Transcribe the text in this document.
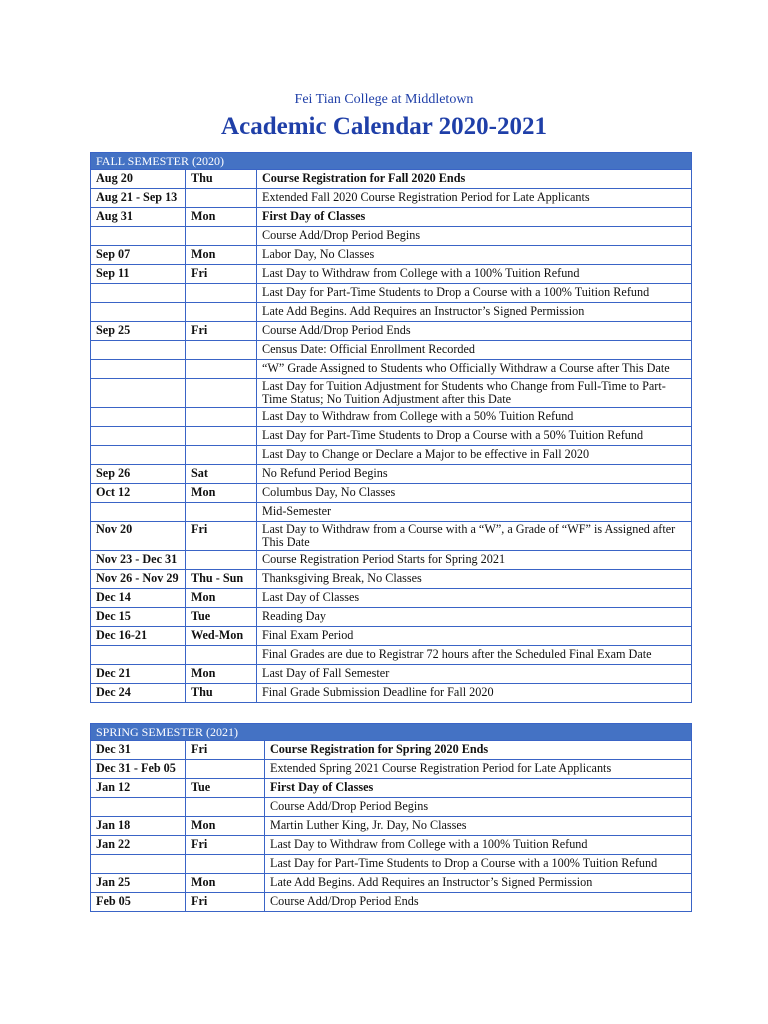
Fei Tian College at Middletown
Academic Calendar 2020-2021
FALL SEMESTER (2020)		
Aug 20	Thu	Course Registration for Fall 2020 Ends
Aug 21 - Sep 13		Extended Fall 2020 Course Registration Period for Late Applicants
Aug 31	Mon	First Day of Classes
		Course Add/Drop Period Begins
Sep 07	Mon	Labor Day, No Classes
Sep 11	Fri	Last Day to Withdraw from College with a 100% Tuition Refund
		Last Day for Part-Time Students to Drop a Course with a 100% Tuition Refund
		Late Add Begins. Add Requires an Instructor’s Signed Permission
Sep 25	Fri	Course Add/Drop Period Ends
		Census Date: Official Enrollment Recorded
		“W” Grade Assigned to Students who Officially Withdraw a Course after This Date
		Last Day for Tuition Adjustment for Students who Change from Full-Time to Part-Time Status; No Tuition Adjustment after this Date
		Last Day to Withdraw from College with a 50% Tuition Refund
		Last Day for Part-Time Students to Drop a Course with a 50% Tuition Refund
		Last Day to Change or Declare a Major to be effective in Fall 2020
Sep 26	Sat	No Refund Period Begins
Oct 12	Mon	Columbus Day, No Classes
		Mid-Semester
Nov 20	Fri	Last Day to Withdraw from a Course with a “W”, a Grade of “WF” is Assigned after This Date
Nov 23 - Dec 31		Course Registration Period Starts for Spring 2021
Nov 26 - Nov 29	Thu - Sun	Thanksgiving Break, No Classes
Dec 14	Mon	Last Day of Classes
Dec 15	Tue	Reading Day
Dec 16-21	Wed-Mon	Final Exam Period
		Final Grades are due to Registrar 72 hours after the Scheduled Final Exam Date
Dec 21	Mon	Last Day of Fall Semester
Dec 24	Thu	Final Grade Submission Deadline for Fall 2020
SPRING SEMESTER (2021)		
Dec 31	Fri	Course Registration for Spring 2020 Ends
Dec 31 - Feb 05		Extended Spring 2021 Course Registration Period for Late Applicants
Jan 12	Tue	First Day of Classes
		Course Add/Drop Period Begins
Jan 18	Mon	Martin Luther King, Jr. Day, No Classes
Jan 22	Fri	Last Day to Withdraw from College with a 100% Tuition Refund
		Last Day for Part-Time Students to Drop a Course with a 100% Tuition Refund
Jan 25	Mon	Late Add Begins. Add Requires an Instructor’s Signed Permission
Feb 05	Fri	Course Add/Drop Period Ends
